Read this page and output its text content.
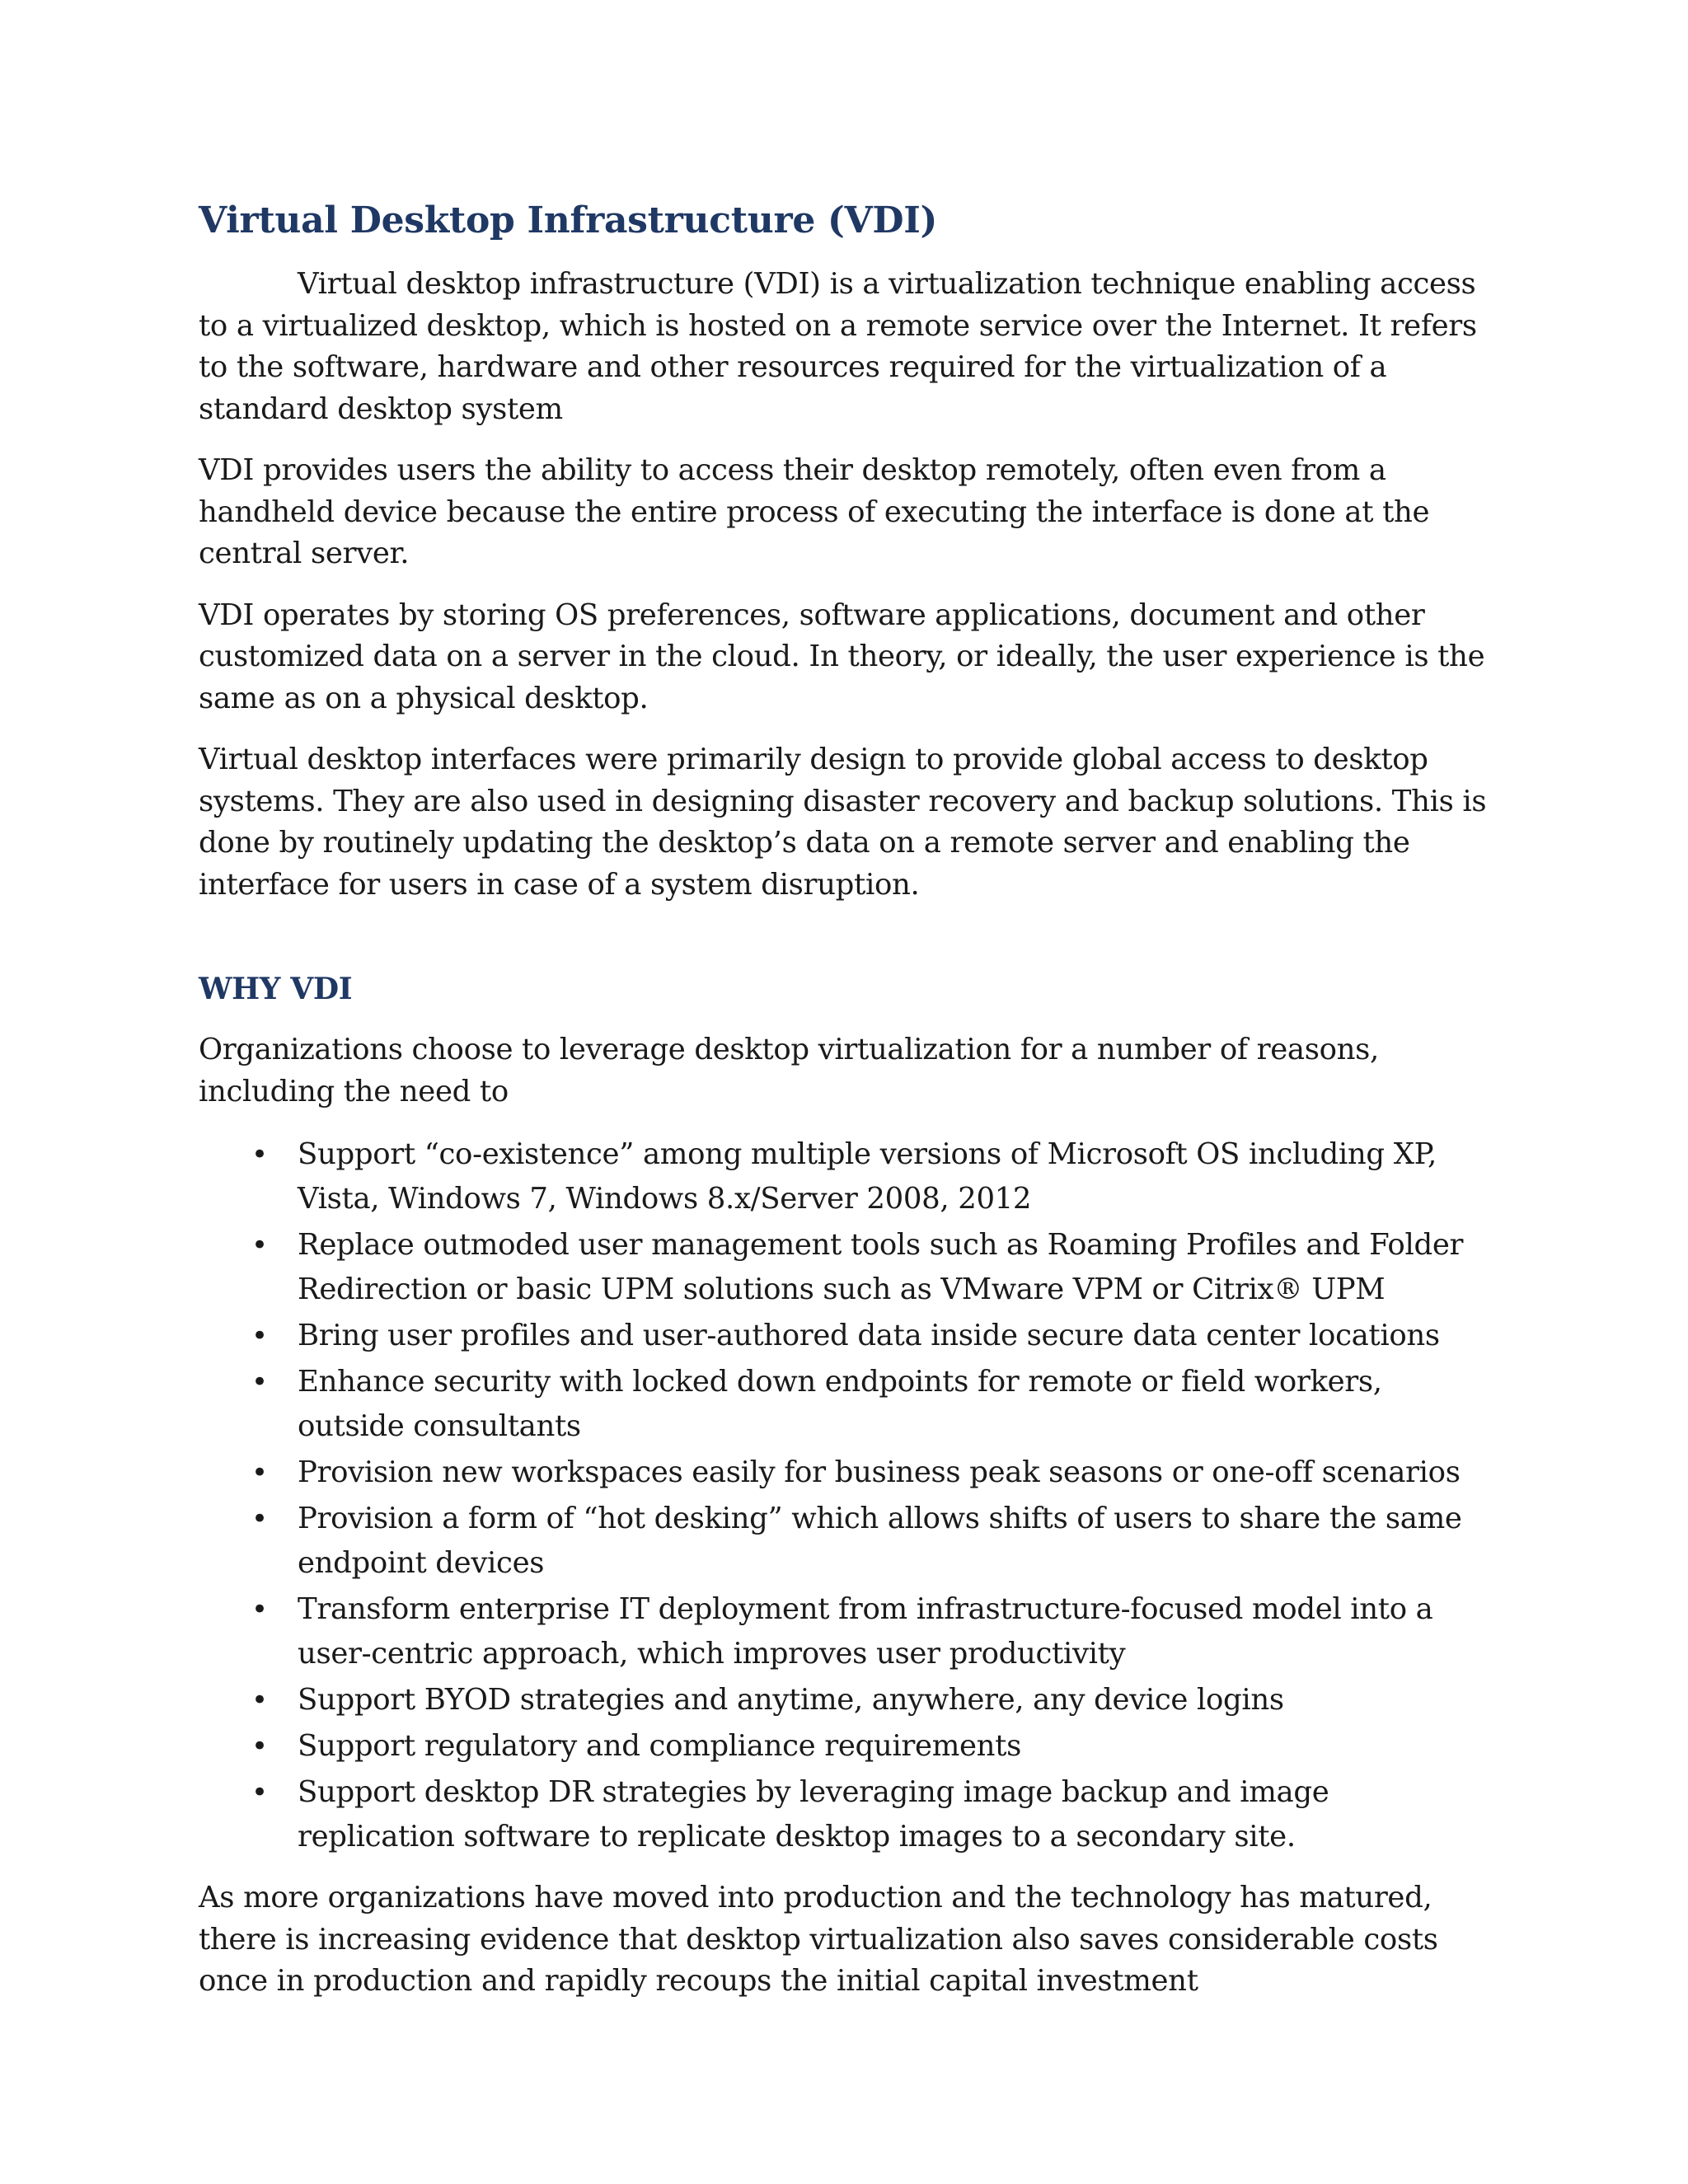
Virtual Desktop Infrastructure (VDI)

Virtual desktop infrastructure (VDI) is a virtualization technique enabling access to a virtualized desktop, which is hosted on a remote service over the Internet. It refers to the software, hardware and other resources required for the virtualization of a standard desktop system

VDI provides users the ability to access their desktop remotely, often even from a handheld device because the entire process of executing the interface is done at the central server.

VDI operates by storing OS preferences, software applications, document and other customized data on a server in the cloud. In theory, or ideally, the user experience is the same as on a physical desktop.

Virtual desktop interfaces were primarily design to provide global access to desktop systems. They are also used in designing disaster recovery and backup solutions. This is done by routinely updating the desktop’s data on a remote server and enabling the interface for users in case of a system disruption.

WHY VDI

Organizations choose to leverage desktop virtualization for a number of reasons, including the need to

• Support “co-existence” among multiple versions of Microsoft OS including XP, Vista, Windows 7, Windows 8.x/Server 2008, 2012
• Replace outmoded user management tools such as Roaming Profiles and Folder Redirection or basic UPM solutions such as VMware VPM or Citrix® UPM
• Bring user profiles and user-authored data inside secure data center locations
• Enhance security with locked down endpoints for remote or field workers, outside consultants
• Provision new workspaces easily for business peak seasons or one-off scenarios
• Provision a form of “hot desking” which allows shifts of users to share the same endpoint devices
• Transform enterprise IT deployment from infrastructure-focused model into a user-centric approach, which improves user productivity
• Support BYOD strategies and anytime, anywhere, any device logins
• Support regulatory and compliance requirements
• Support desktop DR strategies by leveraging image backup and image replication software to replicate desktop images to a secondary site.

As more organizations have moved into production and the technology has matured, there is increasing evidence that desktop virtualization also saves considerable costs once in production and rapidly recoups the initial capital investment
